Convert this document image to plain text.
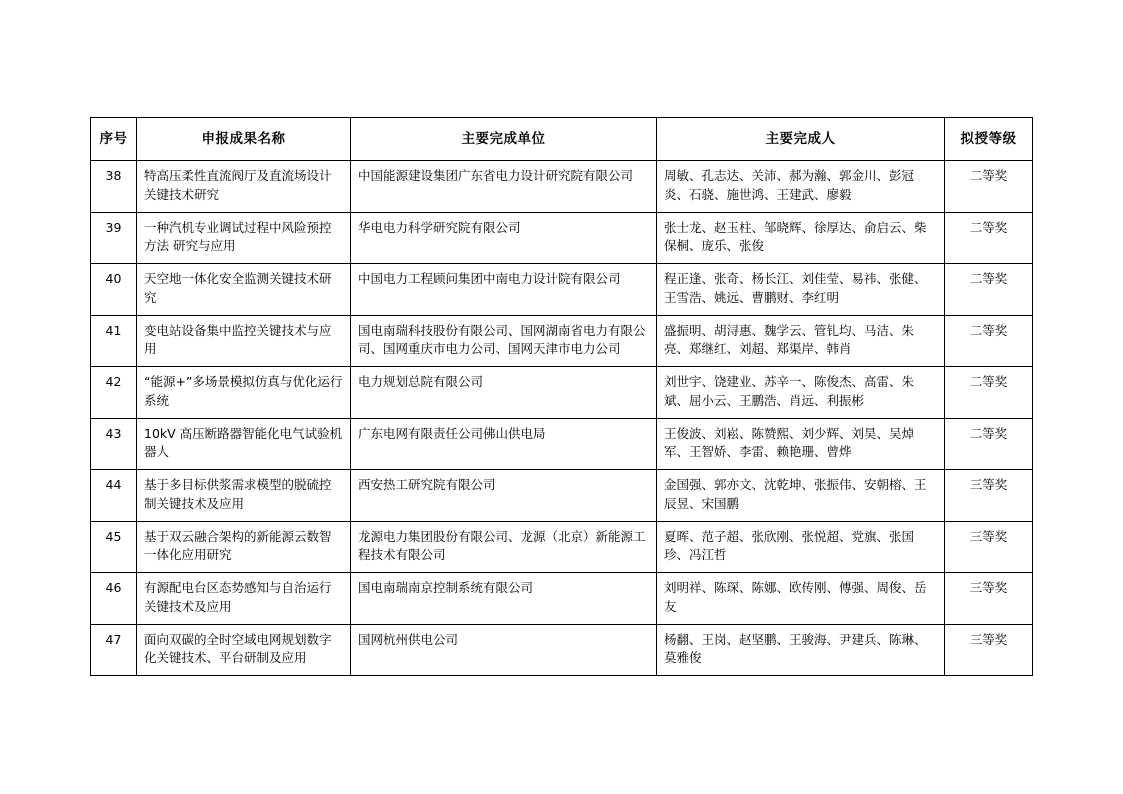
序号	申报成果名称	主要完成单位	主要完成人	拟授等级
38	特高压柔性直流阀厅及直流场设计关键技术研究	中国能源建设集团广东省电力设计研究院有限公司	周敏、孔志达、关沛、郝为瀚、郭金川、彭冠炎、石骁、施世鸿、王建武、廖毅	二等奖
39	一种汽机专业调试过程中风险预控方法 研究与应用	华电电力科学研究院有限公司	张士龙、赵玉柱、邹晓辉、徐厚达、俞启云、柴保桐、庞乐、张俊	二等奖
40	天空地一体化安全监测关键技术研究	中国电力工程顾问集团中南电力设计院有限公司	程正逢、张奇、杨长江、刘佳莹、易祎、张健、王雪浩、姚远、曹鹏财、李红明	二等奖
41	变电站设备集中监控关键技术与应用	国电南瑞科技股份有限公司、国网湖南省电力有限公司、国网重庆市电力公司、国网天津市电力公司	盛振明、胡浔惠、魏学云、管钆均、马洁、朱亮、郑继红、刘超、郑渠岸、韩肖	二等奖
42	“能源+”多场景模拟仿真与优化运行系统	电力规划总院有限公司	刘世宇、饶建业、苏辛一、陈俊杰、高雷、朱斌、屈小云、王鹏浩、肖远、利振彬	二等奖
43	10kV 高压断路器智能化电气试验机器人	广东电网有限责任公司佛山供电局	王俊波、刘崧、陈赞熙、刘少辉、刘昊、吴焯军、王智娇、李雷、赖艳珊、曾烨	二等奖
44	基于多目标供浆需求模型的脱硫控制关键技术及应用	西安热工研究院有限公司	金国强、郭亦文、沈乾坤、张振伟、安朝榕、王辰昱、宋国鹏	三等奖
45	基于双云融合架构的新能源云数智一体化应用研究	龙源电力集团股份有限公司、龙源（北京）新能源工程技术有限公司	夏晖、范子超、张欣刚、张悦超、党旗、张国珍、冯江哲	三等奖
46	有源配电台区态势感知与自治运行关键技术及应用	国电南瑞南京控制系统有限公司	刘明祥、陈琛、陈娜、欧传刚、傅强、周俊、岳友	三等奖
47	面向双碳的全时空域电网规划数字化关键技术、平台研制及应用	国网杭州供电公司	杨翻、王岗、赵坚鹏、王骏海、尹建兵、陈琳、莫雅俊	三等奖
